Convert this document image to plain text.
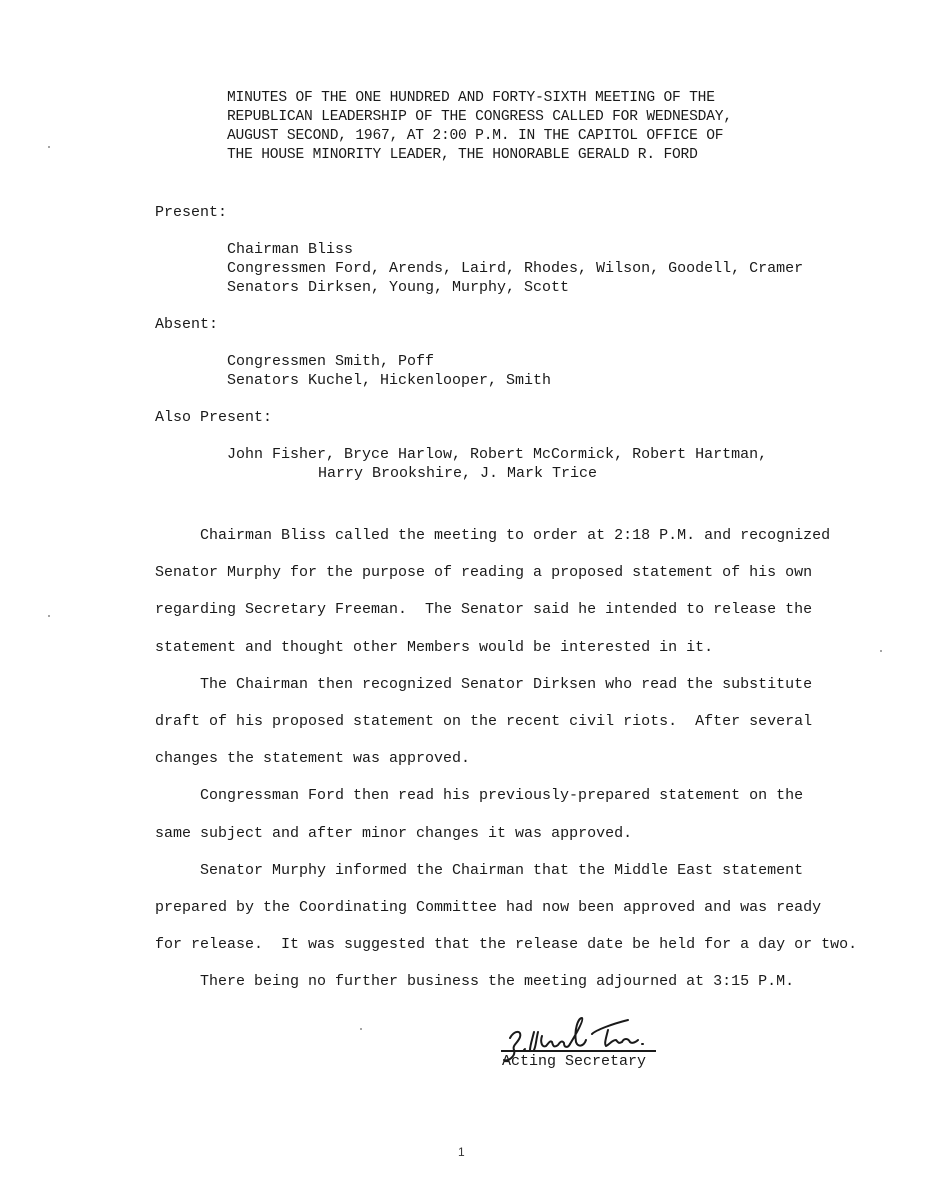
MINUTES OF THE ONE HUNDRED AND FORTY-SIXTH MEETING OF THE
REPUBLICAN LEADERSHIP OF THE CONGRESS CALLED FOR WEDNESDAY,
AUGUST SECOND, 1967, AT 2:00 P.M. IN THE CAPITOL OFFICE OF
THE HOUSE MINORITY LEADER, THE HONORABLE GERALD R. FORD
Present:
Chairman Bliss
Congressmen Ford, Arends, Laird, Rhodes, Wilson, Goodell, Cramer
Senators Dirksen, Young, Murphy, Scott
Absent:
Congressmen Smith, Poff
Senators Kuchel, Hickenlooper, Smith
Also Present:
John Fisher, Bryce Harlow, Robert McCormick, Robert Hartman,
Harry Brookshire, J. Mark Trice
Chairman Bliss called the meeting to order at 2:18 P.M. and recognized
Senator Murphy for the purpose of reading a proposed statement of his own
regarding Secretary Freeman.  The Senator said he intended to release the
statement and thought other Members would be interested in it.
The Chairman then recognized Senator Dirksen who read the substitute
draft of his proposed statement on the recent civil riots.  After several
changes the statement was approved.
Congressman Ford then read his previously-prepared statement on the
same subject and after minor changes it was approved.
Senator Murphy informed the Chairman that the Middle East statement
prepared by the Coordinating Committee had now been approved and was ready
for release.  It was suggested that the release date be held for a day or two.
There being no further business the meeting adjourned at 3:15 P.M.
Acting Secretary
1
